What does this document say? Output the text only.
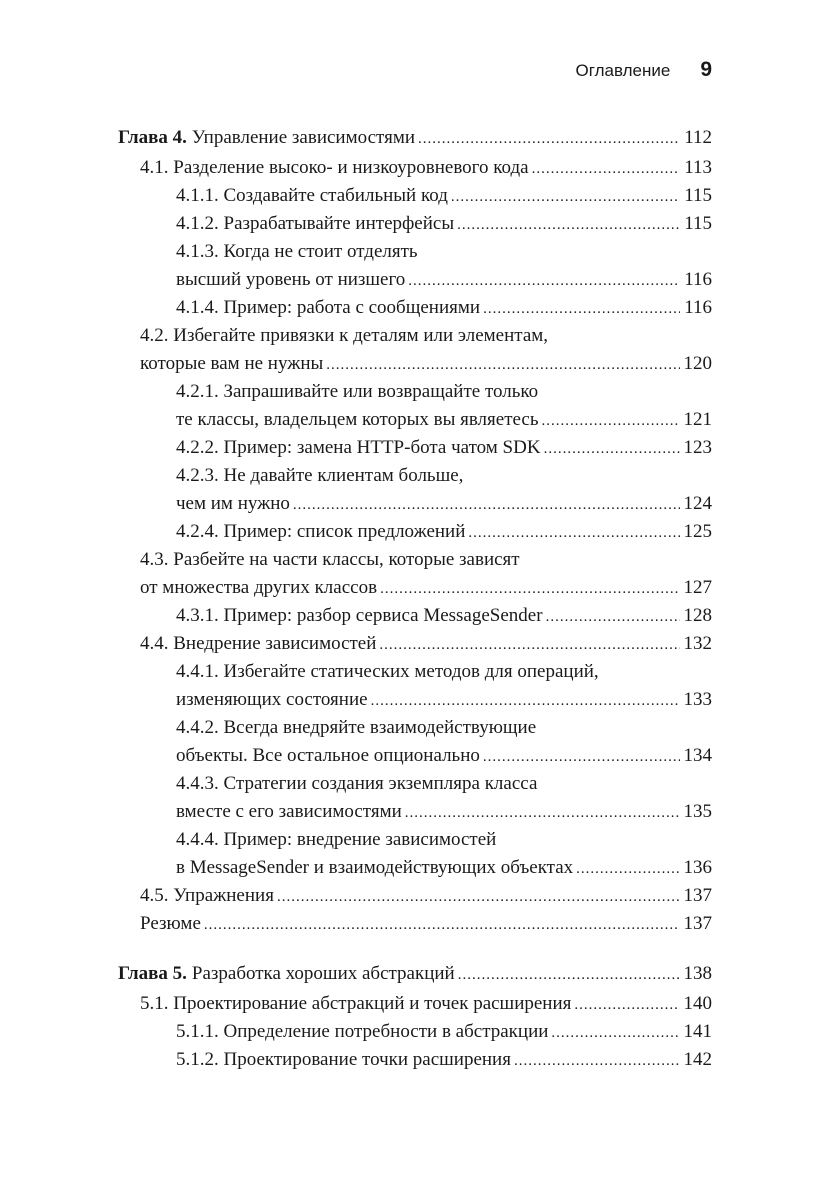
Оглавление 9
Глава 4. Управление зависимостями .....	112
4.1. Разделение высоко- и низкоуровневого кода .....	113
4.1.1. Создавайте стабильный код .....	115
4.1.2. Разрабатывайте интерфейсы .....	115
4.1.3. Когда не стоит отделять
высший уровень от низшего .....	116
4.1.4. Пример: работа с сообщениями .....	116
4.2. Избегайте привязки к деталям или элементам,
которые вам не нужны .....	120
4.2.1. Запрашивайте или возвращайте только
те классы, владельцем которых вы являетесь .....	121
4.2.2. Пример: замена HTTP-бота чатом SDK .....	123
4.2.3. Не давайте клиентам больше,
чем им нужно .....	124
4.2.4. Пример: список предложений .....	125
4.3. Разбейте на части классы, которые зависят
от множества других классов .....	127
4.3.1. Пример: разбор сервиса MessageSender .....	128
4.4. Внедрение зависимостей .....	132
4.4.1. Избегайте статических методов для операций,
изменяющих состояние .....	133
4.4.2. Всегда внедряйте взаимодействующие
объекты. Все остальное опционально .....	134
4.4.3. Стратегии создания экземпляра класса
вместе с его зависимостями .....	135
4.4.4. Пример: внедрение зависимостей
в MessageSender и взаимодействующих объектах .....	136
4.5. Упражнения .....	137
Резюме .....	137
Глава 5. Разработка хороших абстракций .....	138
5.1. Проектирование абстракций и точек расширения .....	140
5.1.1. Определение потребности в абстракции .....	141
5.1.2. Проектирование точки расширения .....	142
